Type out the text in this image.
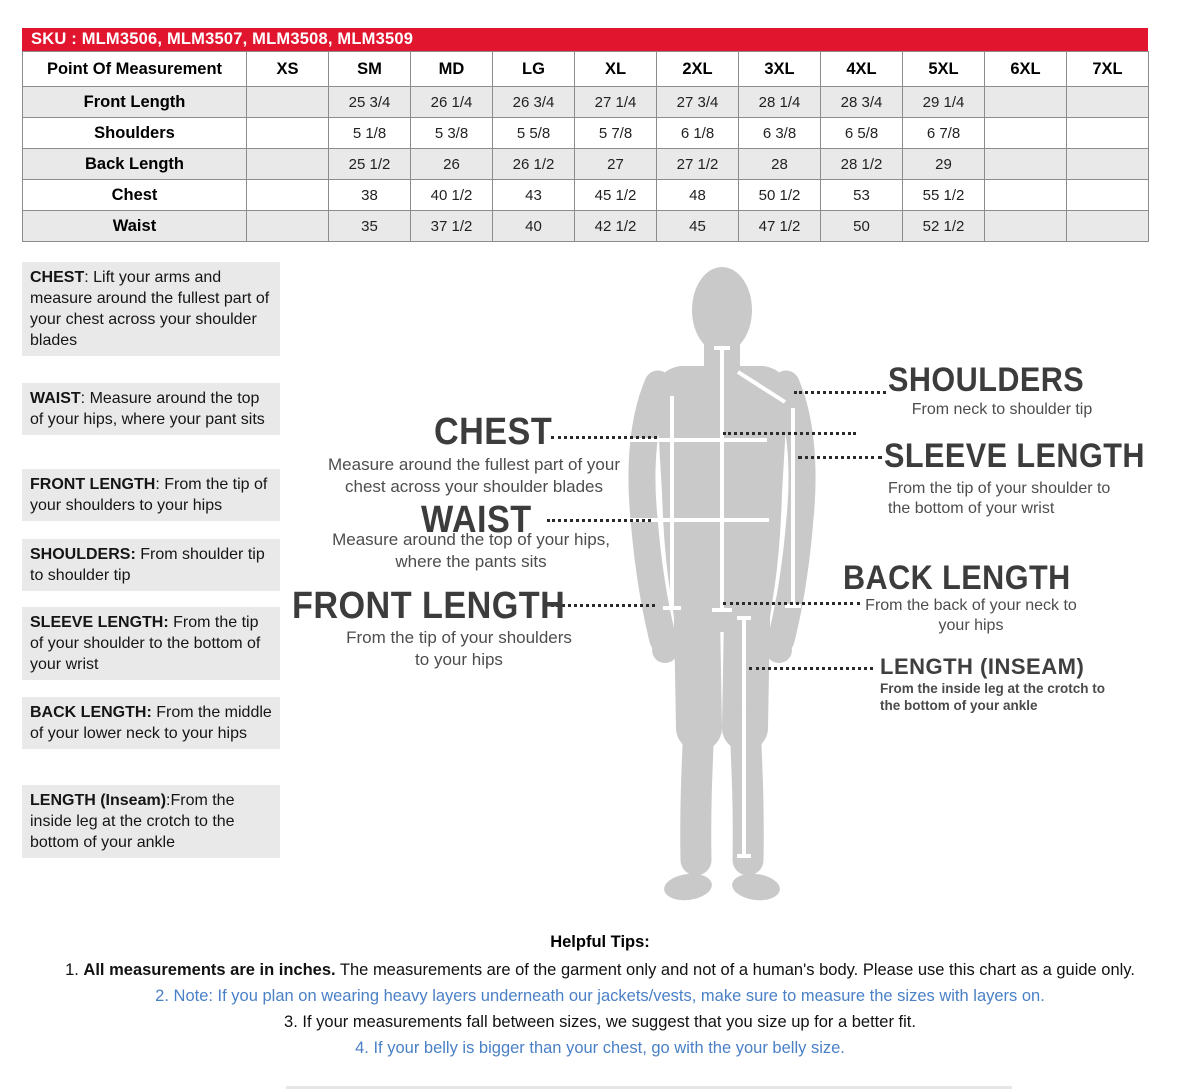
SKU : MLM3506, MLM3507, MLM3508, MLM3509
Point Of Measurement	XS	SM	MD	LG	XL	2XL	3XL	4XL	5XL	6XL	7XL
Front Length		25 3/4	26 1/4	26 3/4	27 1/4	27 3/4	28 1/4	28 3/4	29 1/4		
Shoulders		5 1/8	5 3/8	5 5/8	5 7/8	6 1/8	6 3/8	6 5/8	6 7/8		
Back Length		25 1/2	26	26 1/2	27	27 1/2	28	28 1/2	29		
Chest		38	40 1/2	43	45 1/2	48	50 1/2	53	55 1/2		
Waist		35	37 1/2	40	42 1/2	45	47 1/2	50	52 1/2		
CHEST: Lift your arms and measure around the fullest part of your chest across your shoulder blades
WAIST: Measure around the top of your hips, where your pant sits
FRONT LENGTH: From the tip of your shoulders to your hips
SHOULDERS: From shoulder tip to shoulder tip
SLEEVE LENGTH: From the tip of your shoulder to the bottom of your wrist
BACK LENGTH: From the middle of your lower neck to your hips
LENGTH (Inseam):From the inside leg at the crotch to the bottom of your ankle
CHEST
Measure around the fullest part of your chest across your shoulder blades
WAIST
Measure around the top of your hips, where the pants sits
FRONT LENGTH
From the tip of your shoulders to your hips
SHOULDERS
From neck to shoulder tip
SLEEVE LENGTH
From the tip of your shoulder to the bottom of your wrist
BACK LENGTH
From the back of your neck to your hips
LENGTH (INSEAM)
From the inside leg at the crotch to the bottom of your ankle
Helpful Tips:
1. All measurements are in inches. The measurements are of the garment only and not of a human's body. Please use this chart as a guide only.
2. Note: If you plan on wearing heavy layers underneath our jackets/vests, make sure to measure the sizes with layers on.
3. If your measurements fall between sizes, we suggest that you size up for a better fit.
4. If your belly is bigger than your chest, go with the your belly size.
